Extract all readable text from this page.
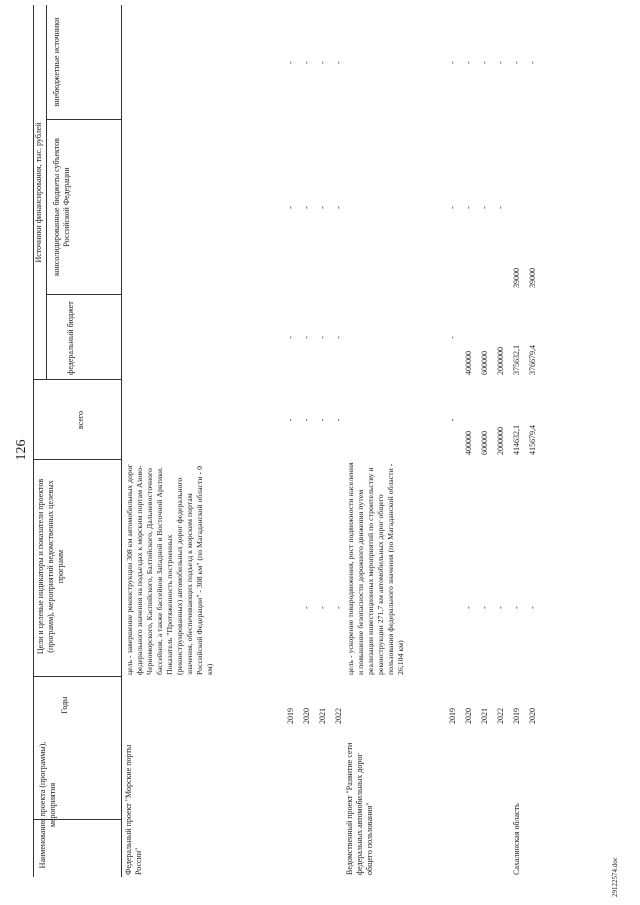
126
Наименование проекта (программы), мероприятия
Годы
Цели и целевые индикаторы и показатели проектов (программ), мероприятий ведомственных целевых программ
Источники финансирования, тыс. рублей
всего
федеральный бюджет
консолидированные бюджеты субъектов Российской Федерации
внебюджетные источники
Федеральный проект "Морские порты России"
цель - завершение реконструкции 308 км автомобильных дорог федерального значения на подъездах к морским портам Азово-Черноморского, Каспийского, Балтийского, Дальневосточного бассейнов, а также бассейнов Западной и Восточной Арктики. Показатель "Протяженность построенных (реконструированных) автомобильных дорог федерального значения, обеспечивающих подъезд к морским портам Российской Федерации" - 308 км" (по Магаданской области - 0 км)
2019
-
-
-
-
2020
-
-
-
-
-
2021
-
-
-
-
-
2022
-
-
-
-
-
Ведомственный проект "Развитие сети федеральных автомобильных дорог общего пользования"
цель - ускорение товародвижения, рост подвижности населения и повышение безопасности дорожного движения путем реализации инвестиционных мероприятий по строительству и реконструкции 271,7 км автомобильных дорог общего пользования федерального значения (по Магаданской области - 26,104 км)
2019
-
-
-
-
2020
-
400000
400000
-
-
2021
-
600000
600000
-
-
2022
-
2000000
2000000
-
-
Сахалинская область
2019
-
414632,1
375632,1
39000
-
2020
-
415679,4
376679,4
39000
-
29122574.doc
